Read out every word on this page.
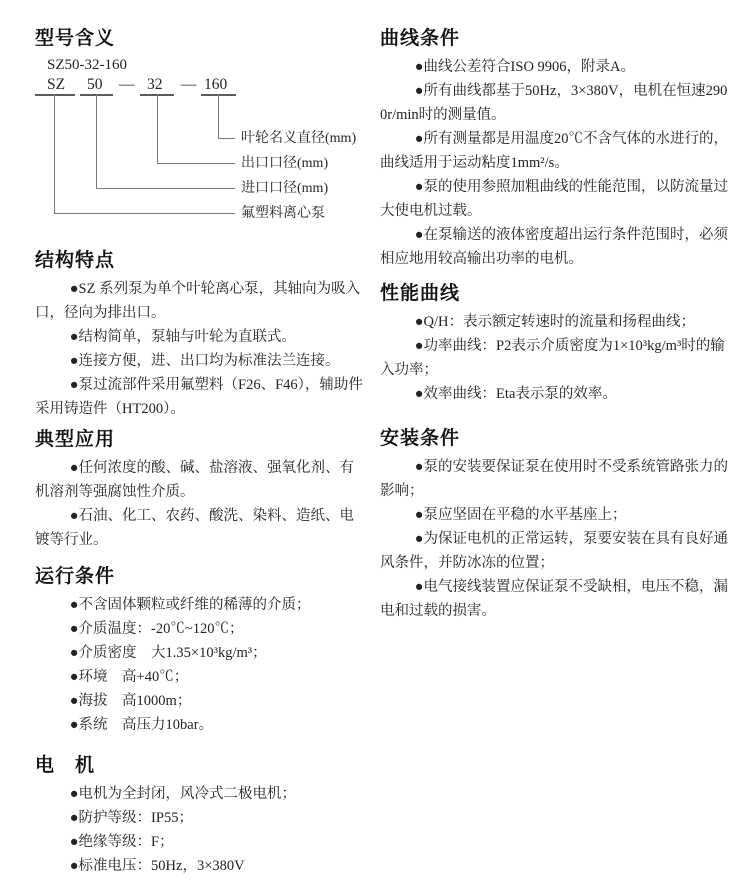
型号含义
SZ50-32-160
SZ 50 — 32 — 160
叶轮名义直径(mm)
出口口径(mm)
进口口径(mm)
氟塑料离心泵
结构特点

●SZ 系列泵为单个叶轮离心泵，其轴向为吸入口，径向为排出口。

●结构简单，泵轴与叶轮为直联式。

●连接方便，进、出口均为标准法兰连接。

●泵过流部件采用氟塑料（F26、F46），辅助件采用铸造件（HT200）。

典型应用

●任何浓度的酸、碱、盐溶液、强氧化剂、有机溶剂等强腐蚀性介质。

●石油、化工、农药、酸洗、染料、造纸、电镀等行业。

运行条件

●不含固体颗粒或纤维的稀薄的介质；

●介质温度：-20℃~120℃；

●介质密度　大1.35×10³kg/m³；

●环境　高+40℃；

●海拔　高1000m；

●系统　高压力10bar。

电　机

●电机为全封闭，风冷式二极电机；

●防护等级：IP55；

●绝缘等级：F；

●标准电压：50Hz，3×380V

曲线条件

●曲线公差符合ISO 9906，附录A。

●所有曲线都基于50Hz，3×380V，电机在恒速2900r/min时的测量值。

●所有测量都是用温度20℃不含气体的水进行的，曲线适用于运动粘度1mm²/s。

●泵的使用参照加粗曲线的性能范围，以防流量过大使电机过载。

●在泵输送的液体密度超出运行条件范围时，必须相应地用较高输出功率的电机。

性能曲线

●Q/H：表示额定转速时的流量和扬程曲线；

●功率曲线：P2表示介质密度为1×10³kg/m³时的输入功率；

●效率曲线：Eta表示泵的效率。

安装条件

●泵的安装要保证泵在使用时不受系统管路张力的影响；

●泵应坚固在平稳的水平基座上；

●为保证电机的正常运转，泵要安装在具有良好通风条件，并防冰冻的位置；

●电气接线装置应保证泵不受缺相，电压不稳，漏电和过载的损害。
